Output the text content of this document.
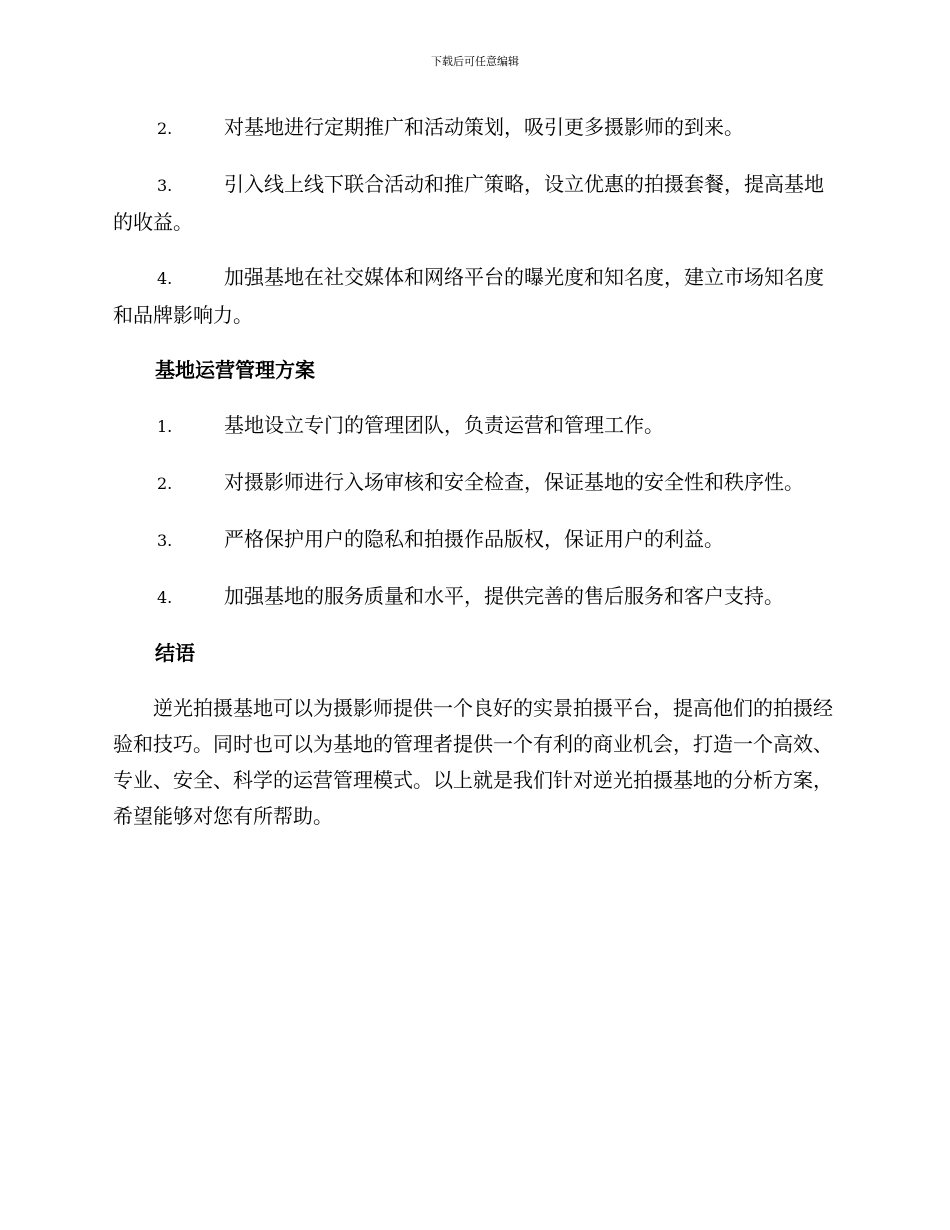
下载后可任意编辑

2.	对基地进行定期推广和活动策划，吸引更多摄影师的到来。

3.	引入线上线下联合活动和推广策略，设立优惠的拍摄套餐，提高基地的收益。

4.	加强基地在社交媒体和网络平台的曝光度和知名度，建立市场知名度和品牌影响力。

基地运营管理方案

1.	基地设立专门的管理团队，负责运营和管理工作。

2.	对摄影师进行入场审核和安全检查，保证基地的安全性和秩序性。

3.	严格保护用户的隐私和拍摄作品版权，保证用户的利益。

4.	加强基地的服务质量和水平，提供完善的售后服务和客户支持。

结语

逆光拍摄基地可以为摄影师提供一个良好的实景拍摄平台，提高他们的拍摄经验和技巧。同时也可以为基地的管理者提供一个有利的商业机会，打造一个高效、专业、安全、科学的运营管理模式。以上就是我们针对逆光拍摄基地的分析方案，希望能够对您有所帮助。
